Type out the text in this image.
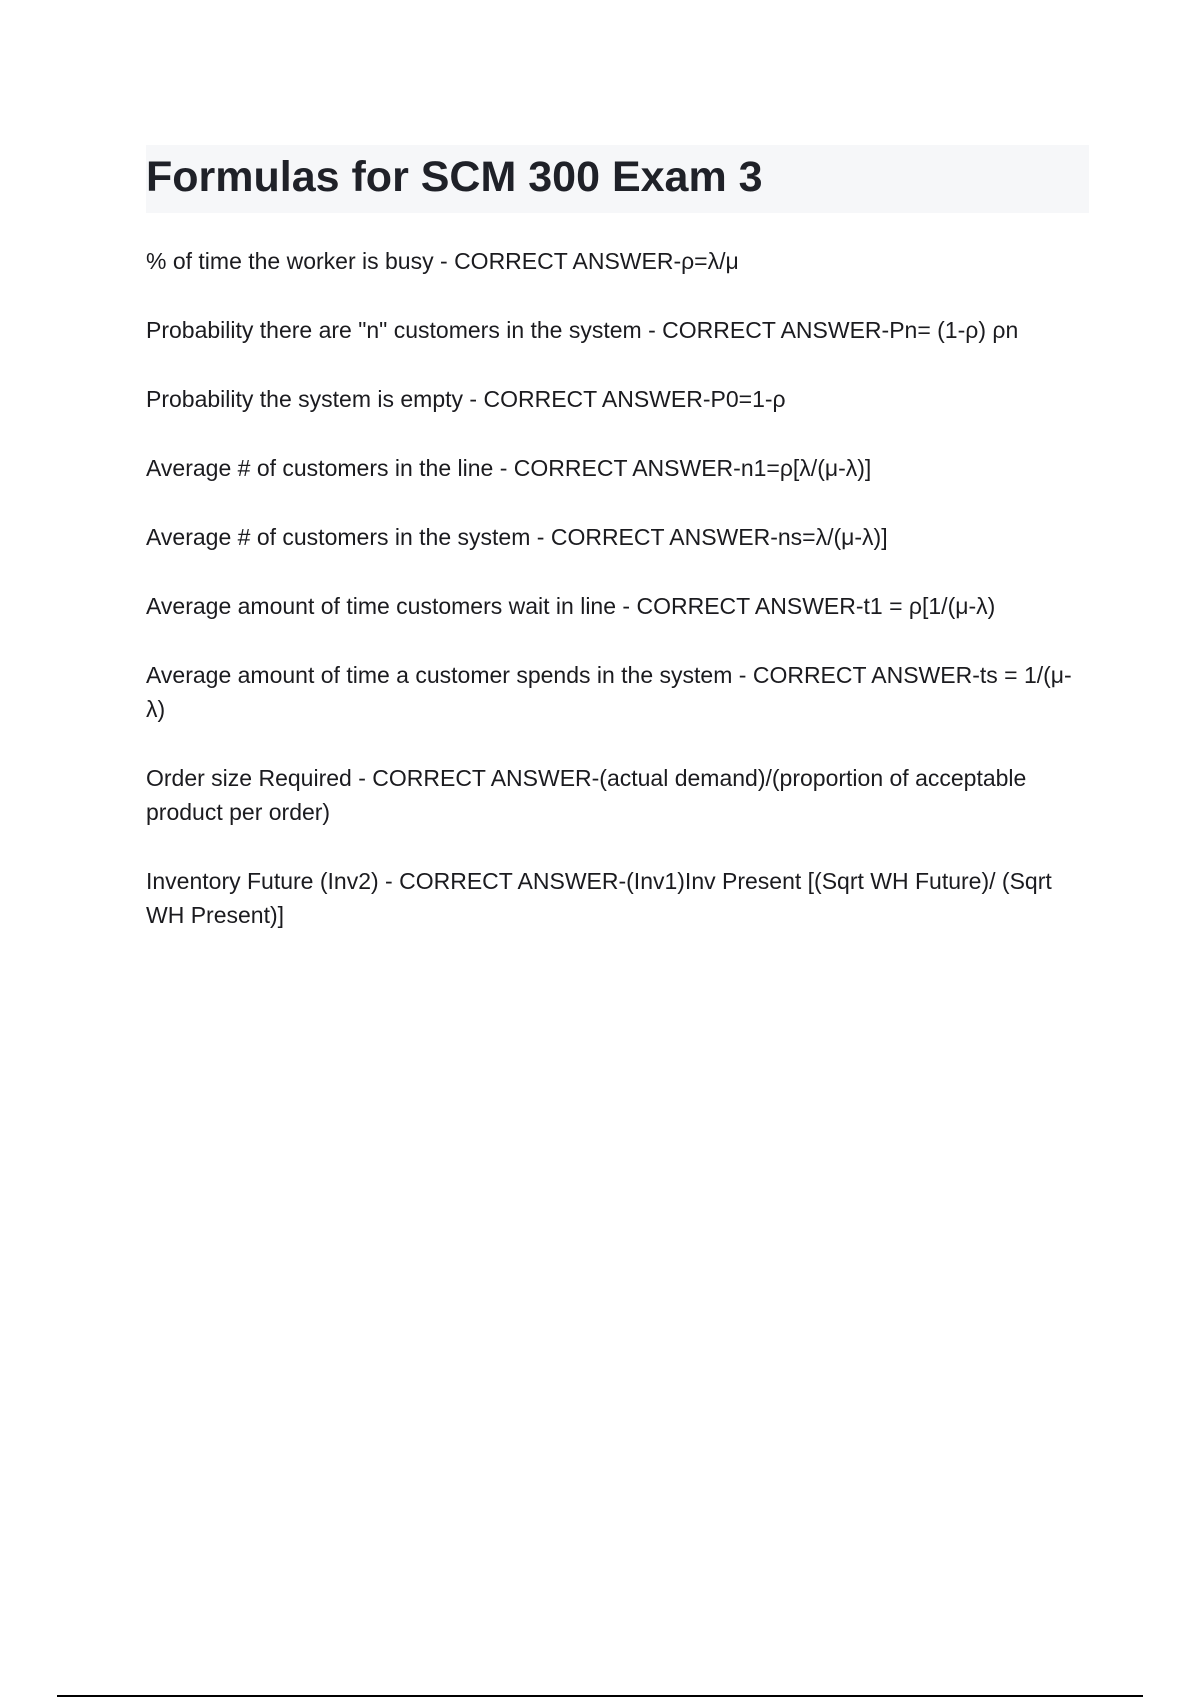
Formulas for SCM 300 Exam 3

% of time the worker is busy - CORRECT ANSWER-ρ=λ/μ

Probability there are "n" customers in the system - CORRECT ANSWER-Pn= (1-ρ) ρn

Probability the system is empty - CORRECT ANSWER-P0=1-ρ

Average # of customers in the line - CORRECT ANSWER-n1=ρ[λ/(μ-λ)]

Average # of customers in the system - CORRECT ANSWER-ns=λ/(μ-λ)]

Average amount of time customers wait in line - CORRECT ANSWER-t1 = ρ[1/(μ-λ)

Average amount of time a customer spends in the system - CORRECT ANSWER-ts = 1/(μ-λ)

Order size Required - CORRECT ANSWER-(actual demand)/(proportion of acceptable product per order)

Inventory Future (Inv2) - CORRECT ANSWER-(Inv1)Inv Present [(Sqrt WH Future)/ (Sqrt WH Present)]
